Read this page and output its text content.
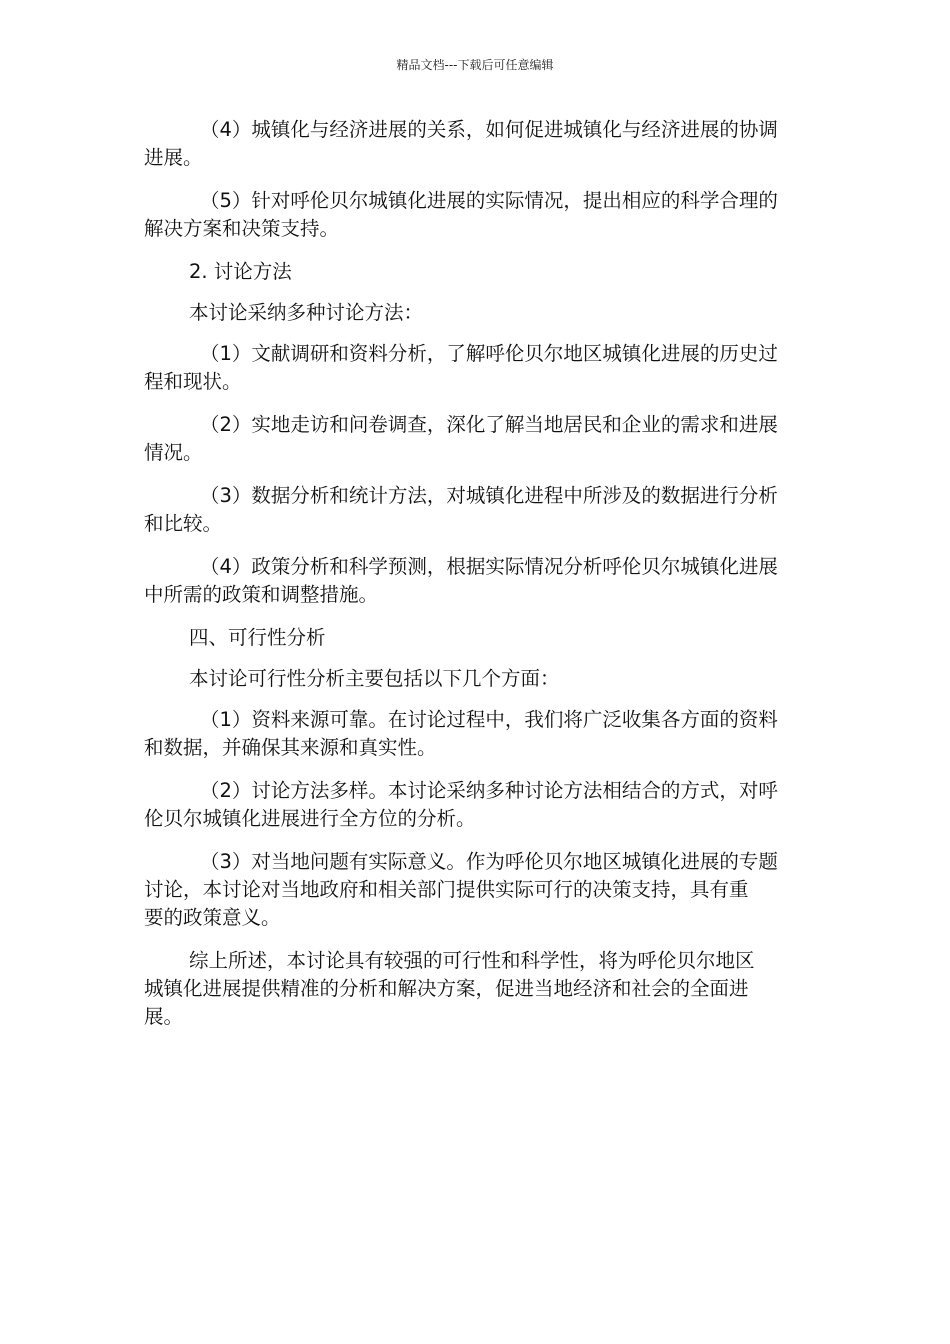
精品文档---下载后可任意编辑

（4）城镇化与经济进展的关系，如何促进城镇化与经济进展的协调
进展。

（5）针对呼伦贝尔城镇化进展的实际情况，提出相应的科学合理的
解决方案和决策支持。

2. 讨论方法

本讨论采纳多种讨论方法：

（1）文献调研和资料分析，了解呼伦贝尔地区城镇化进展的历史过
程和现状。

（2）实地走访和问卷调查，深化了解当地居民和企业的需求和进展
情况。

（3）数据分析和统计方法，对城镇化进程中所涉及的数据进行分析
和比较。

（4）政策分析和科学预测，根据实际情况分析呼伦贝尔城镇化进展
中所需的政策和调整措施。

四、可行性分析

本讨论可行性分析主要包括以下几个方面：

（1）资料来源可靠。在讨论过程中，我们将广泛收集各方面的资料
和数据，并确保其来源和真实性。

（2）讨论方法多样。本讨论采纳多种讨论方法相结合的方式，对呼
伦贝尔城镇化进展进行全方位的分析。

（3）对当地问题有实际意义。作为呼伦贝尔地区城镇化进展的专题
讨论，本讨论对当地政府和相关部门提供实际可行的决策支持，具有重
要的政策意义。

综上所述，本讨论具有较强的可行性和科学性，将为呼伦贝尔地区
城镇化进展提供精准的分析和解决方案，促进当地经济和社会的全面进
展。
